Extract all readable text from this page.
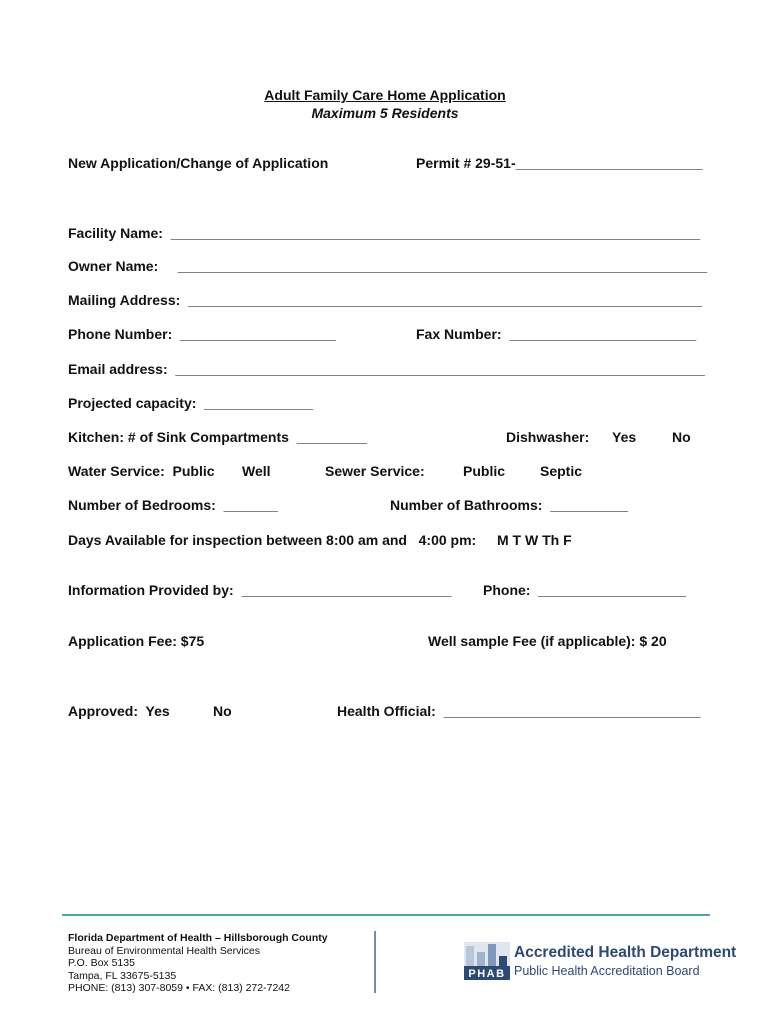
Adult Family Care Home Application
Maximum 5 Residents
New Application/Change of Application	Permit # 29-51-________________________
Facility Name:  ____________________________________________________________________
Owner Name:     ____________________________________________________________________
Mailing Address:  __________________________________________________________________
Phone Number:  ____________________	Fax Number:  ________________________
Email address:  ____________________________________________________________________
Projected capacity:  ______________
Kitchen: # of Sink Compartments  _________	Dishwasher: Yes	No
Water Service:  Public Well	Sewer Service:	Public Septic
Number of Bedrooms:  _______	Number of Bathrooms:  __________
Days Available for inspection between 8:00 am and   4:00 pm: M T W Th F
Information Provided by:  ___________________________ Phone:  ___________________
Application Fee: $75	Well sample Fee (if applicable): $ 20
Approved:  Yes	No	Health Official:  _________________________________
Florida Department of Health – Hillsborough County
Bureau of Environmental Health Services
P.O. Box 5135
Tampa, FL 33675-5135
PHONE: (813) 307-8059 • FAX: (813) 272-7242
PHAB
Accredited Health Department
Public Health Accreditation Board
